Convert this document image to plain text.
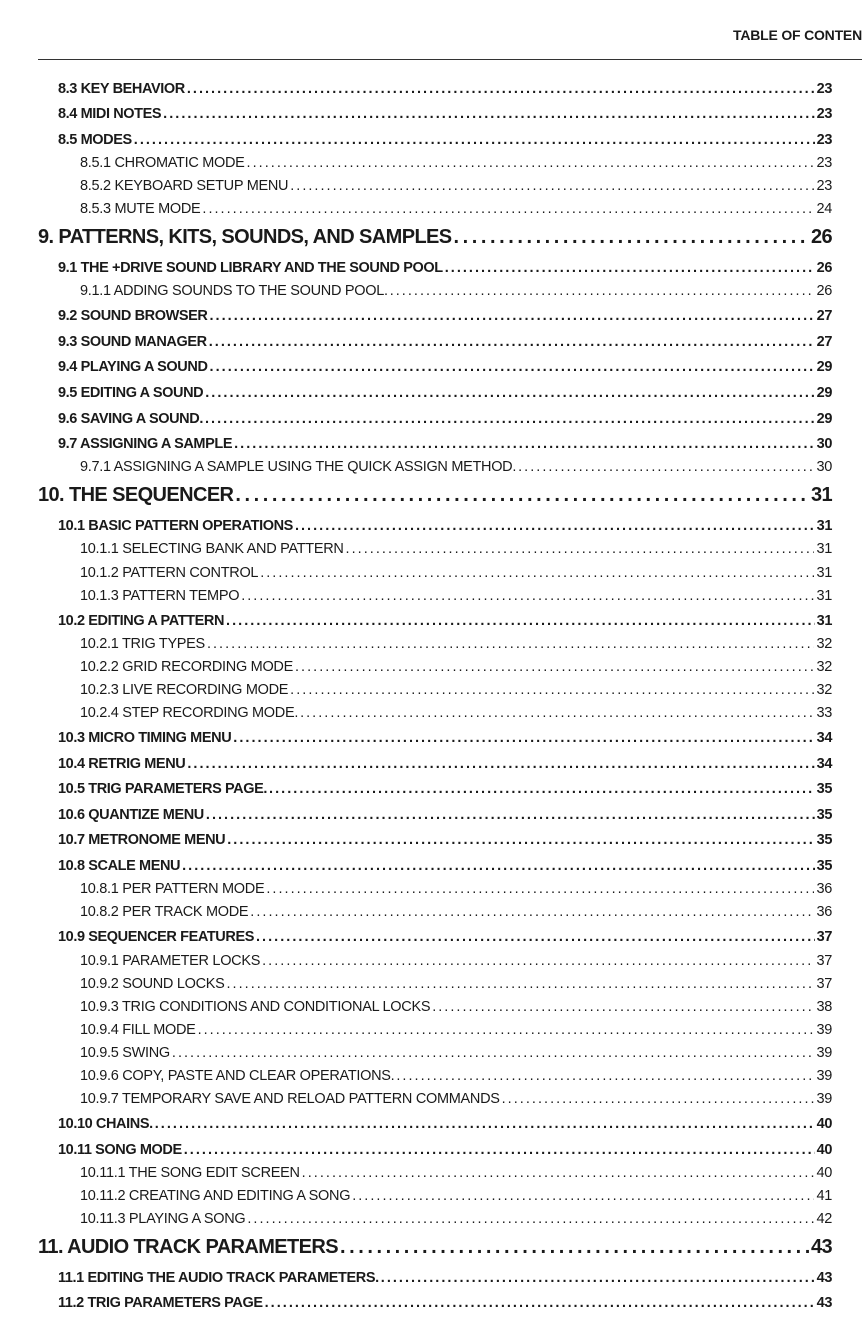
TABLE OF CONTEN
8.3 KEY BEHAVIOR . . .	23
8.4 MIDI NOTES . . .	23
8.5 MODES . . .	23
8.5.1 CHROMATIC MODE . . .	23
8.5.2 KEYBOARD SETUP MENU . . .	23
8.5.3 MUTE MODE . . .	24
9. PATTERNS, KITS, SOUNDS, AND SAMPLES . . .	26
9.1 THE +DRIVE SOUND LIBRARY AND THE SOUND POOL . . .	26
9.1.1 ADDING SOUNDS TO THE SOUND POOL. . . .	26
9.2 SOUND BROWSER . . .	27
9.3 SOUND MANAGER . . .	27
9.4 PLAYING A SOUND . . .	29
9.5 EDITING A SOUND . . .	29
9.6 SAVING A SOUND. . . .	29
9.7 ASSIGNING A SAMPLE . . .	30
9.7.1 ASSIGNING A SAMPLE USING THE QUICK ASSIGN METHOD. . . .	30
10. THE SEQUENCER . . .	31
10.1 BASIC PATTERN OPERATIONS . . .	31
10.1.1 SELECTING BANK AND PATTERN . . .	31
10.1.2 PATTERN CONTROL . . .	31
10.1.3 PATTERN TEMPO . . .	31
10.2 EDITING A PATTERN . . .	31
10.2.1 TRIG TYPES . . .	32
10.2.2 GRID RECORDING MODE . . .	32
10.2.3 LIVE RECORDING MODE . . .	32
10.2.4 STEP RECORDING MODE. . . .	33
10.3 MICRO TIMING MENU . . .	34
10.4 RETRIG MENU . . .	34
10.5 TRIG PARAMETERS PAGE. . . .	35
10.6 QUANTIZE MENU . . .	35
10.7 METRONOME MENU . . .	35
10.8 SCALE MENU . . .	35
10.8.1 PER PATTERN MODE . . .	36
10.8.2 PER TRACK MODE . . .	36
10.9 SEQUENCER FEATURES . . .	37
10.9.1 PARAMETER LOCKS . . .	37
10.9.2 SOUND LOCKS . . .	37
10.9.3 TRIG CONDITIONS AND CONDITIONAL LOCKS . . .	38
10.9.4 FILL MODE . . .	39
10.9.5 SWING . . .	39
10.9.6 COPY, PASTE AND CLEAR OPERATIONS. . . .	39
10.9.7 TEMPORARY SAVE AND RELOAD PATTERN COMMANDS . . .	39
10.10 CHAINS. . . .	40
10.11 SONG MODE . . .	40
10.11.1 THE SONG EDIT SCREEN . . .	40
10.11.2 CREATING AND EDITING A SONG . . .	41
10.11.3 PLAYING A SONG . . .	42
11. AUDIO TRACK PARAMETERS . . .	43
11.1 EDITING THE AUDIO TRACK PARAMETERS. . . .	43
11.2 TRIG PARAMETERS PAGE . . .	43
